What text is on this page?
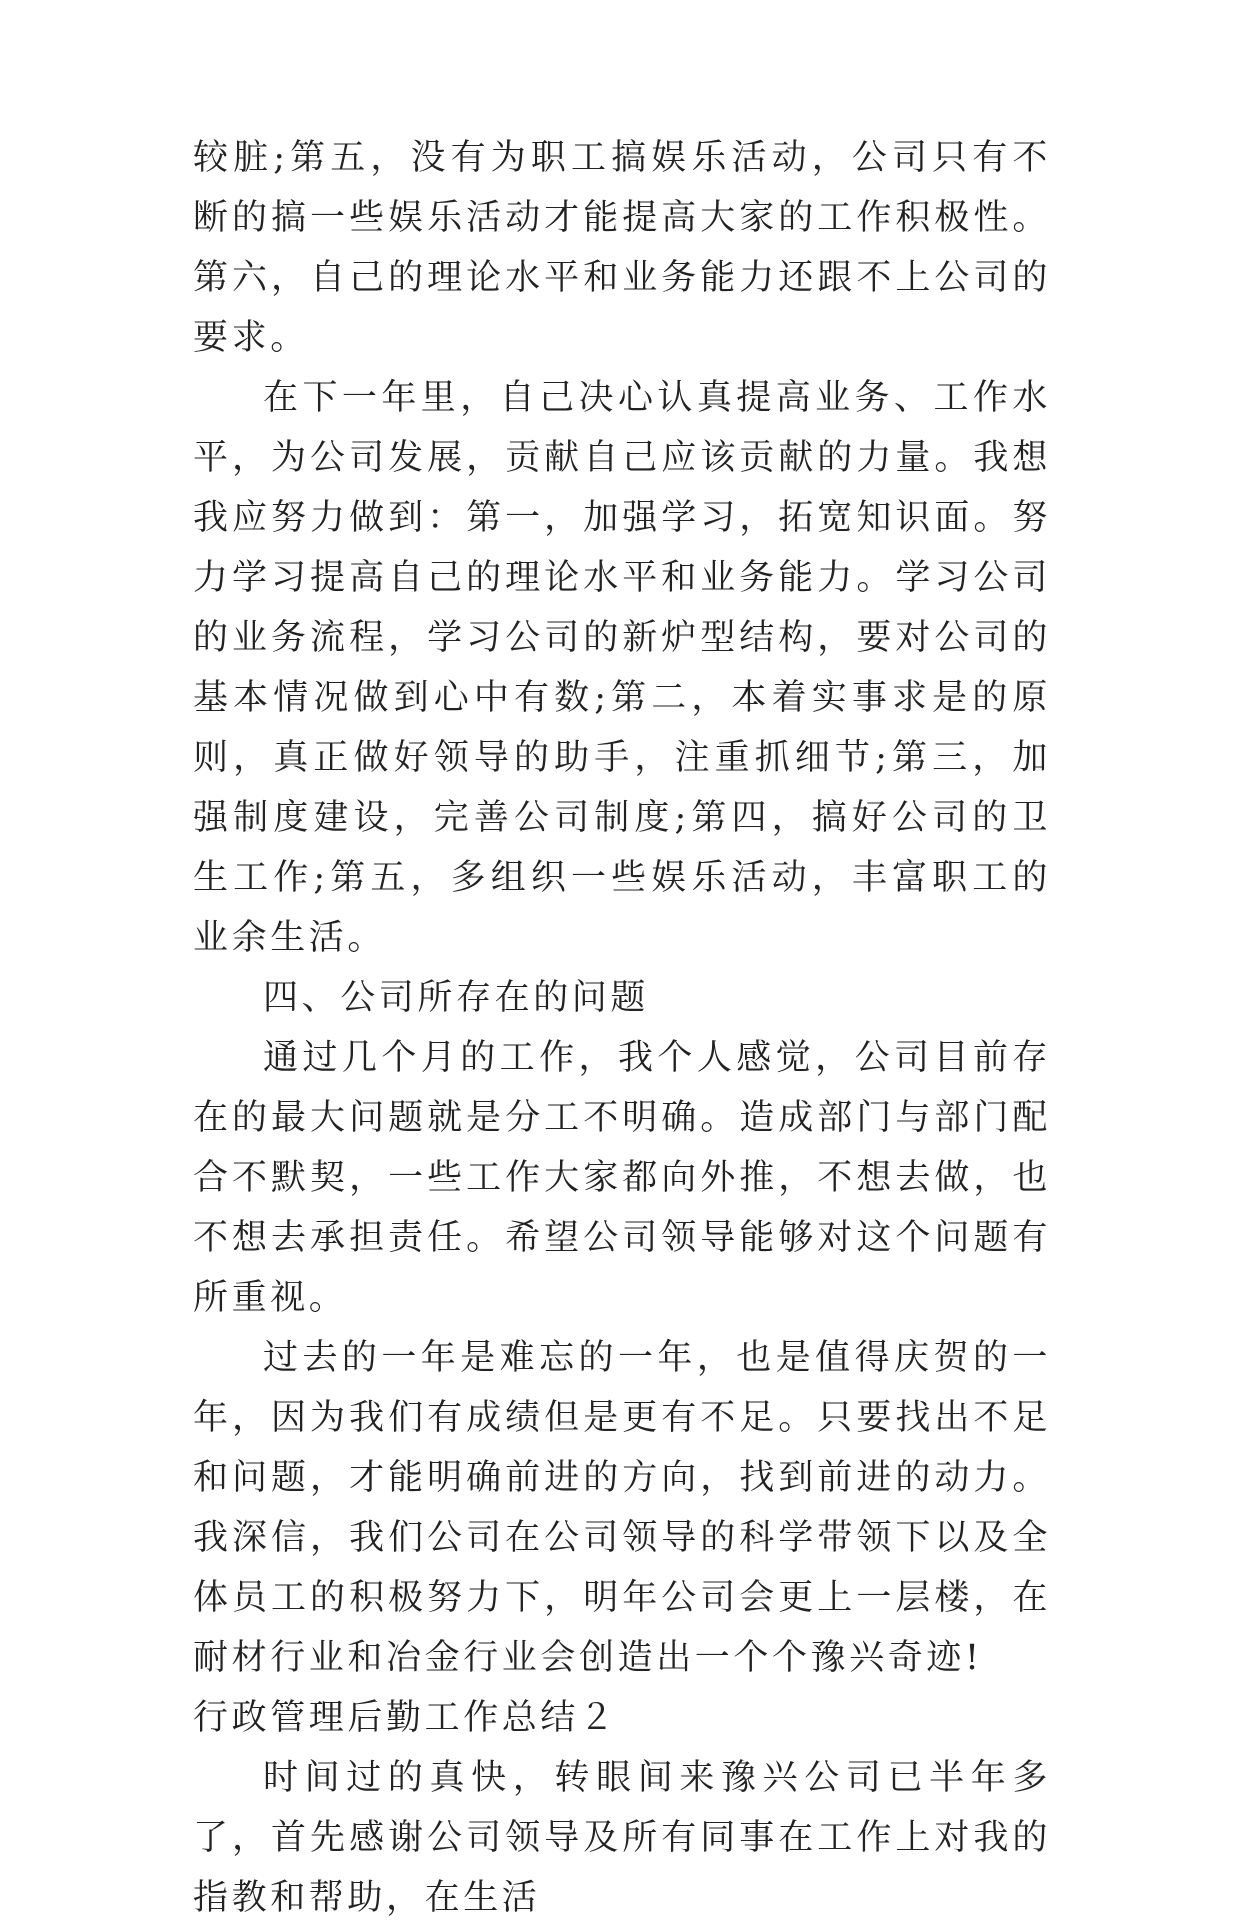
较脏;第五，没有为职工搞娱乐活动，公司只有不断的搞一些娱乐活动才能提高大家的工作积极性。第六，自己的理论水平和业务能力还跟不上公司的要求。

在下一年里，自己决心认真提高业务、工作水平，为公司发展，贡献自己应该贡献的力量。我想我应努力做到：第一，加强学习，拓宽知识面。努力学习提高自己的理论水平和业务能力。学习公司的业务流程，学习公司的新炉型结构，要对公司的基本情况做到心中有数;第二，本着实事求是的原则，真正做好领导的助手，注重抓细节;第三，加强制度建设，完善公司制度;第四，搞好公司的卫生工作;第五，多组织一些娱乐活动，丰富职工的业余生活。

四、公司所存在的问题

通过几个月的工作，我个人感觉，公司目前存在的最大问题就是分工不明确。造成部门与部门配合不默契，一些工作大家都向外推，不想去做，也不想去承担责任。希望公司领导能够对这个问题有所重视。

过去的一年是难忘的一年，也是值得庆贺的一年，因为我们有成绩但是更有不足。只要找出不足和问题，才能明确前进的方向，找到前进的动力。我深信，我们公司在公司领导的科学带领下以及全体员工的积极努力下，明年公司会更上一层楼，在耐材行业和冶金行业会创造出一个个豫兴奇迹!

行政管理后勤工作总结２

时间过的真快，转眼间来豫兴公司已半年多了，首先感谢公司领导及所有同事在工作上对我的指教和帮助，在生活
